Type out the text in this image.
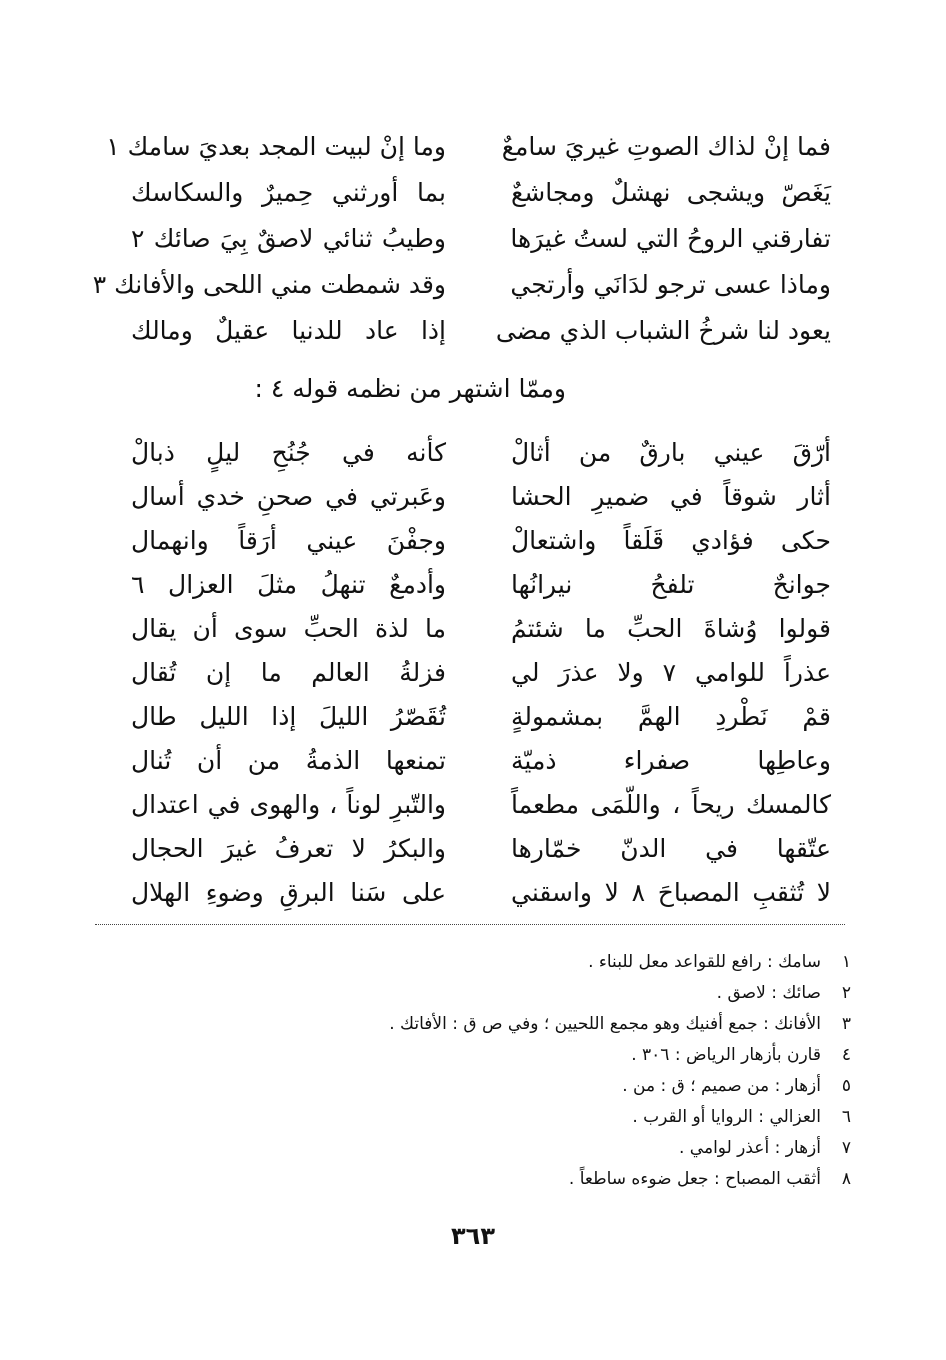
فما إنْ لذاك الصوتِ غيريَ سامعٌ
وما إنْ لبيت المجد بعديَ سامك ١
يَغَصّ ويشجى نهشلٌ ومجاشعٌ
بما أورثني حِميرٌ والسكاسك
تفارقني الروحُ التي لستُ غيرَها
وطيبُ ثنائي لاصقٌ بِيَ صائك ٢
وماذا عسى ترجو لدَانَي وأرتجي
وقد شمطت مني اللحى والأفانك ٣
يعود لنا شرخُ الشباب الذي مضى
إذا عاد للدنيا عقيلٌ ومالك
وممّا اشتهر من نظمه قوله ٤ :
أرّقَ عيني بارقٌ من أثالْ
كأنه في جُنُحِ ليلٍ ذبالْ
أثار شوقاً في ضميرِ الحشا
وعَبرتي في صحنِ خدي أسال
حكى فؤادي قَلَقاً واشتعالْ
وجفْنَ عيني أرَقاً وانهمال
جوانحٌ تلفحُ نيرانُها
وأدمعٌ تنهلُ مثلَ العزال ٦
قولوا وُشاةَ الحبِّ ما شئتمُ
ما لذة الحبِّ سوى أن يقال
عذراً للوامي ٧ ولا عذرَ لي
فزلةُ العالم ما إن تُقال
قمْ نَطْردِ الهمَّ بمشمولةٍ
تُقَصّرُ الليلَ إذا الليل طال
وعاطِها صفراء ذميّة
تمنعها الذمةُ من أن تُنال
كالمسك ريحاً ، واللّمَى مطعماً
والتّبرِ لوناً ، والهوى في اعتدال
عتّقها في الدنّ خمّارها
والبكرُ لا تعرفُ غيرَ الحجال
لا تُثقبِ المصباحَ ٨ لا واسقني
على سَنا البرقِ وضوءِ الهلال
١سامك : رافع للقواعد معل للبناء .
٢صائك : لاصق .
٣الأفانك : جمع أفنيك وهو مجمع اللحيين ؛ وفي ص ق : الأفاتك .
٤قارن بأزهار الرياض : ٣٠٦ .
٥أزهار : من صميم ؛ ق : من .
٦العزالي : الروايا أو القرب .
٧أزهار : أعذر لوامي .
٨أثقب المصباح : جعل ضوءه ساطعاً .
٣٦٣
